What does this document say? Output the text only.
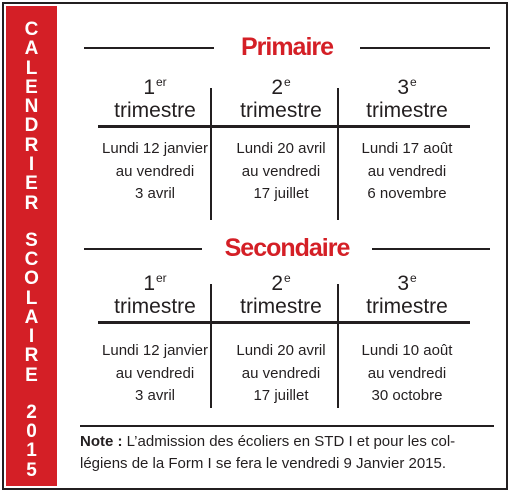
C
A
L
E
N
D
R
I
E
R
S
C
O
L
A
I
R
E
2
0
1
5
Primaire
1er
trimestre
2e
trimestre
3e
trimestre
Lundi 12 janvier
au vendredi
3 avril
Lundi 20 avril
au vendredi
17 juillet
Lundi 17 août
au vendredi
6 novembre
Secondaire
1er
trimestre
2e
trimestre
3e
trimestre
Lundi 12 janvier
au vendredi
3 avril
Lundi 20 avril
au vendredi
17 juillet
Lundi 10 août
au vendredi
30 octobre
Note : L’admission des écoliers en STD I et pour les col-
légiens de la Form I se fera le vendredi 9 Janvier 2015.
